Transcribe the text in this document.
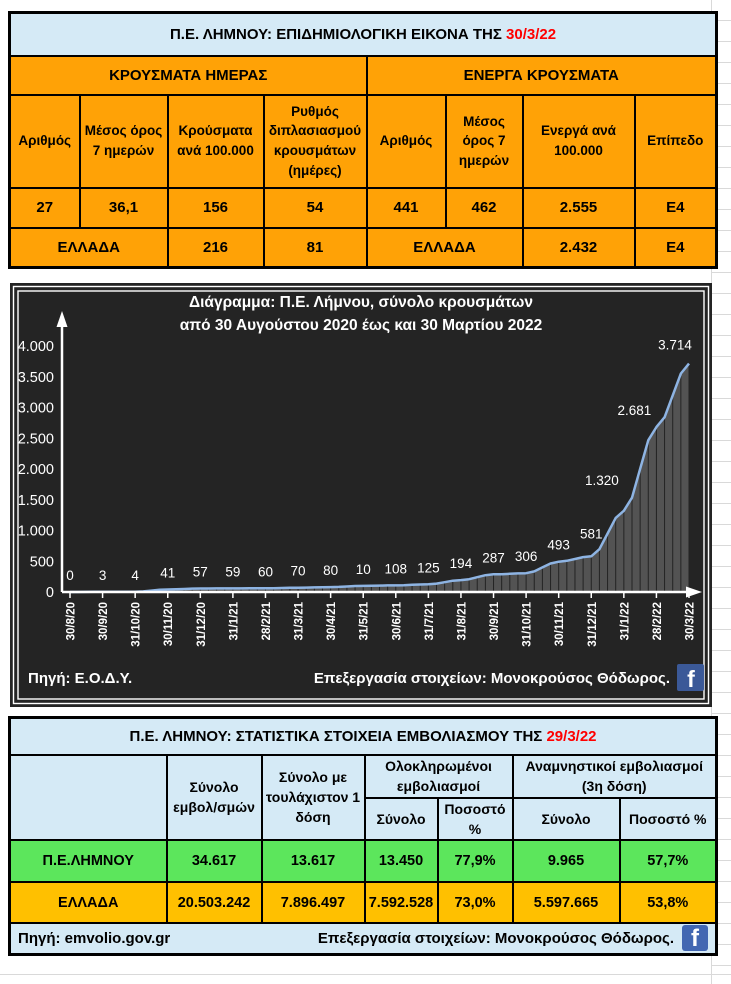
Π.Ε. ΛΗΜΝΟΥ: ΕΠΙΔΗΜΙΟΛΟΓΙΚΗ ΕΙΚΟΝΑ ΤΗΣ 30/3/22							
ΚΡΟΥΣΜΑΤΑ ΗΜΕΡΑΣ				ΕΝΕΡΓΑ ΚΡΟΥΣΜΑΤΑ			
Αριθμός	Μέσος όρος 7 ημερών	Κρούσματα ανά 100.000	Ρυθμός διπλασιασμού κρουσμάτων (ημέρες)	Αριθμός	Μέσος όρος 7 ημερών	Ενεργά ανά 100.000	Επίπεδο
27	36,1	156	54	441	462	2.555	Ε4
ΕΛΛΑΔΑ		216	81	ΕΛΛΑΔΑ		2.432	Ε4
Διάγραμμα: Π.Ε. Λήμνου, σύνολο κρουσμάτων
από 30 Αυγούστου 2020 έως και 30 Μαρτίου 2022
0
500
1.000
1.500
2.000
2.500
3.000
3.500
4.000
30/8/20 30/9/20 31/10/20 30/11/20 31/12/20 31/1/21 28/2/21 31/3/21 30/4/21 31/5/21 30/6/21 31/7/21 31/8/21 30/9/21 31/10/21 30/11/21 31/12/21 31/1/22 28/2/22 30/3/22
0 3 4 41 57 59 60 70 80 10 108 125 194 287 306
493
581
1.320
2.681
3.714
Πηγή: Ε.Ο.Δ.Υ.	Επεξεργασία στοιχείων: Μονοκρούσος Θόδωρος. f
Π.Ε. ΛΗΜΝΟΥ: ΣΤΑΤΙΣΤΙΚΑ ΣΤΟΙΧΕΙΑ ΕΜΒΟΛΙΑΣΜΟΥ ΤΗΣ 29/3/22						
	Σύνολο εμβολ/σμών	Σύνολο με τουλάχιστον 1 δόση	Ολοκληρωμένοι εμβολιασμοί		Αναμνηστικοί εμβολιασμοί (3η δόση)	
			Σύνολο	Ποσοστό %	Σύνολο	Ποσοστό %
Π.Ε.ΛΗΜΝΟΥ	34.617	13.617	13.450	77,9%	9.965	57,7%
ΕΛΛΑΔΑ	20.503.242	7.896.497	7.592.528	73,0%	5.597.665	53,8%

Πηγή: emvolio.gov.gr Επεξεργασία στοιχείων: Μονοκρούσος Θόδωρος. f						
